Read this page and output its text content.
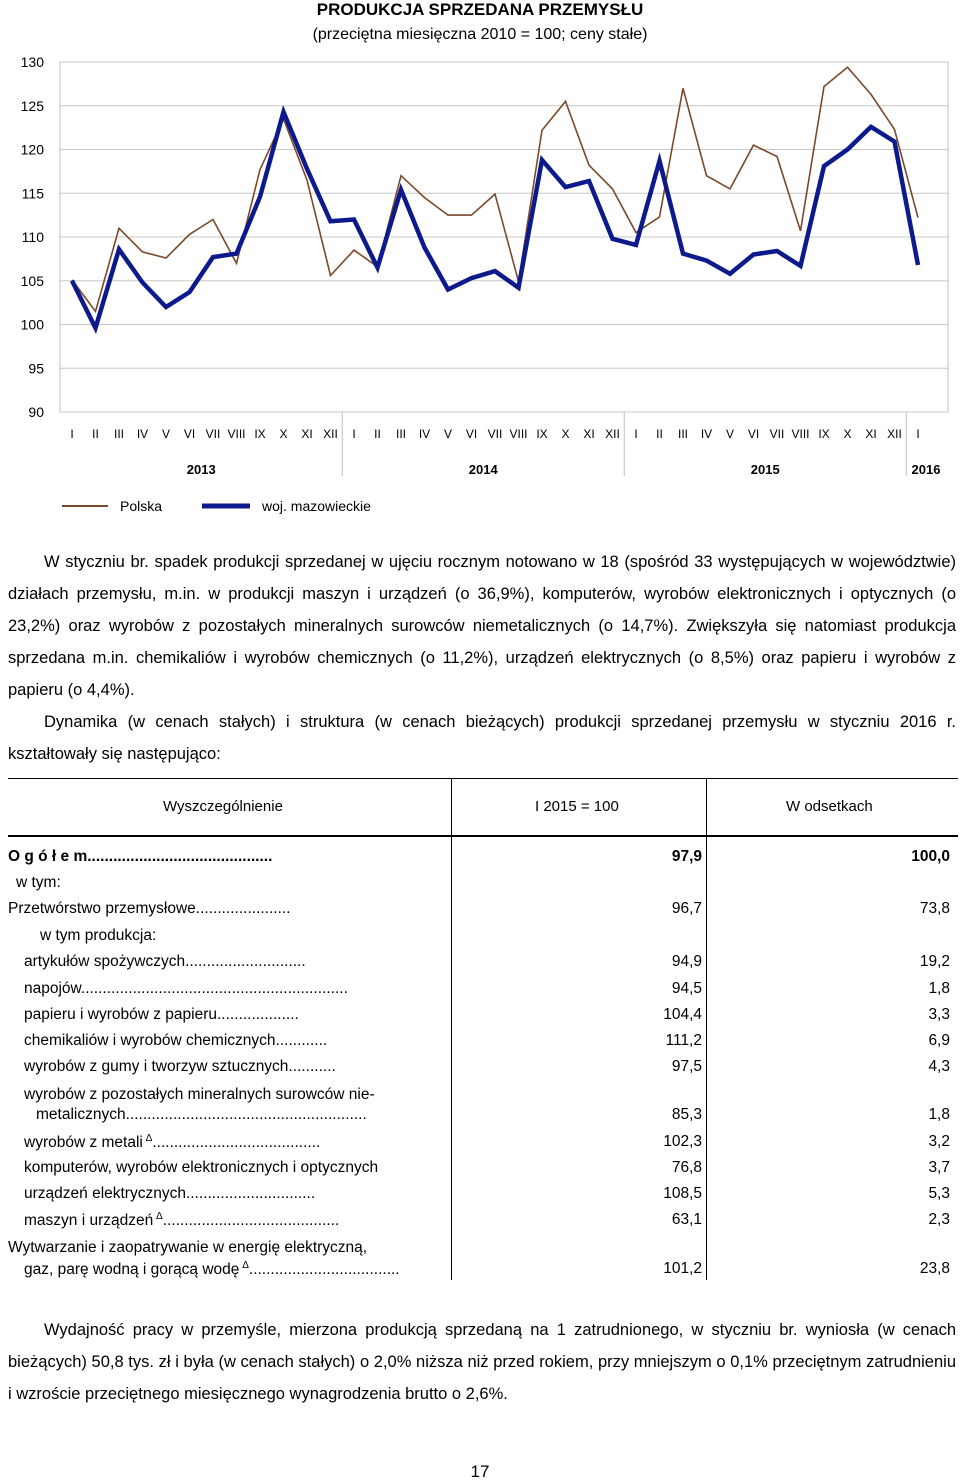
PRODUKCJA SPRZEDANA PRZEMYSŁU
(przeciętna miesięczna 2010 = 100; ceny stałe)
130
125
120
115
110
105
100
95
90
I II III IV V VI VII VIII IX X XI XII I II III IV V VI VII VIII IX X XI XII I II III IV V VI VII VIII IX X XI XII I
2013	2014	2015	2016
Polska	woj. mazowieckie
W styczniu br. spadek produkcji sprzedanej w ujęciu rocznym notowano w 18 (spośród 33 występujących w województwie) działach przemysłu, m.in. w produkcji maszyn i urządzeń (o 36,9%), komputerów, wyrobów elektronicznych i optycznych (o 23,2%) oraz wyrobów z pozostałych mineralnych surowców niemetalicznych (o 14,7%). Zwiększyła się natomiast produkcja sprzedana m.in. chemikaliów i wyrobów chemicznych (o 11,2%), urządzeń elektrycznych (o 8,5%) oraz papieru i wyrobów z papieru (o 4,4%).
Dynamika (w cenach stałych) i struktura (w cenach bieżących) produkcji sprzedanej przemysłu w styczniu 2016 r. kształtowały się następująco:
Wyszczególnienie	I 2015 = 100	W odsetkach
O g ó ł e m...........................................	97,9	100,0
w tym:
Przetwórstwo przemysłowe......................	96,7	73,8
w tym produkcja:
artykułów spożywczych............................	94,9	19,2
napojów..............................................................	94,5	1,8
papieru i wyrobów z papieru...................	104,4	3,3
chemikaliów i wyrobów chemicznych............	111,2	6,9
wyrobów z gumy i tworzyw sztucznych...........	97,5	4,3
wyrobów z pozostałych mineralnych surowców nie-
metalicznych........................................................	85,3	1,8
wyrobów z metali $^\Delta$.......................................	102,3	3,2
komputerów, wyrobów elektronicznych i optycznych	76,8	3,7
urządzeń elektrycznych..............................	108,5	5,3
maszyn i urządzeń $^\Delta$.........................................	63,1	2,3
Wytwarzanie i zaopatrywanie w energię elektryczną,
gaz, parę wodną i gorącą wodę $^\Delta$...................................	101,2	23,8
Wydajność pracy w przemyśle, mierzona produkcją sprzedaną na 1 zatrudnionego, w styczniu br. wyniosła (w cenach bieżących) 50,8 tys. zł i była (w cenach stałych) o 2,0% niższa niż przed rokiem, przy mniejszym o 0,1% przeciętnym zatrudnieniu i wzroście przeciętnego miesięcznego wynagrodzenia brutto o 2,6%.
17
